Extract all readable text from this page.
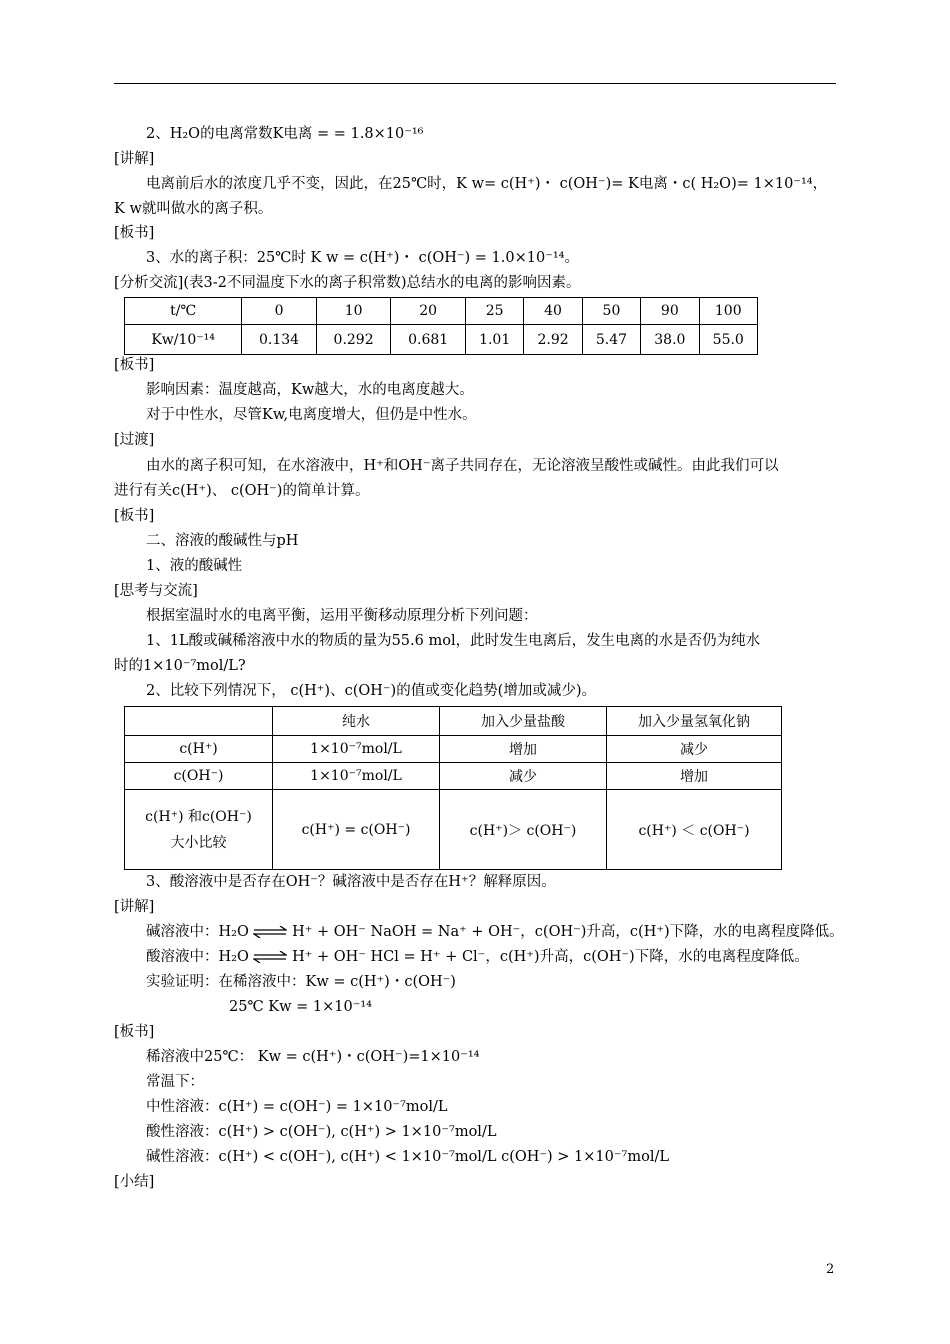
2、H₂O的电离常数K电离 = = 1.8×10⁻¹⁶
[讲解]
电离前后水的浓度几乎不变，因此，在25℃时，K w= c(H⁺)・ c(OH⁻)= K电离・c( H₂O)= 1×10⁻¹⁴，
K w就叫做水的离子积。
[板书]
3、水的离子积：25℃时 K w = c(H⁺)・ c(OH⁻) = 1.0×10⁻¹⁴。
[分析交流](表3-2不同温度下水的离子积常数)总结水的电离的影响因素。
t/℃	0	10	20	25	40	50	90	100
Kw/10⁻¹⁴	0.134	0.292	0.681	1.01	2.92	5.47	38.0	55.0
[板书]
影响因素：温度越高，Kw越大，水的电离度越大。
对于中性水，尽管Kw,电离度增大，但仍是中性水。
[过渡]
由水的离子积可知，在水溶液中，H⁺和OH⁻离子共同存在，无论溶液呈酸性或碱性。由此我们可以
进行有关c(H⁺)、 c(OH⁻)的简单计算。
[板书]
二、溶液的酸碱性与pH
1、液的酸碱性
[思考与交流]
根据室温时水的电离平衡，运用平衡移动原理分析下列问题：
1、1L酸或碱稀溶液中水的物质的量为55.6 mol，此时发生电离后，发生电离的水是否仍为纯水
时的1×10⁻⁷mol/L?
2、比较下列情况下， c(H⁺)、c(OH⁻)的值或变化趋势(增加或减少)。
	纯水	加入少量盐酸	加入少量氢氧化钠
c(H⁺)	1×10⁻⁷mol/L	增加	减少
c(OH⁻)	1×10⁻⁷mol/L	减少	增加

c(H⁺) 和c(OH⁻)
大小比较	c(H⁺) = c(OH⁻)	c(H⁺)＞ c(OH⁻)	c(H⁺) ＜ c(OH⁻)
3、酸溶液中是否存在OH⁻？碱溶液中是否存在H⁺？解释原因。
[讲解]
碱溶液中：H₂O ⇌ H⁺ + OH⁻ NaOH = Na⁺ + OH⁻，c(OH⁻)升高，c(H⁺)下降，水的电离程度降低。
酸溶液中：H₂O ⇌ H⁺ + OH⁻ HCl = H⁺ + Cl⁻，c(H⁺)升高，c(OH⁻)下降，水的电离程度降低。
实验证明：在稀溶液中：Kw = c(H⁺)・c(OH⁻)
25℃ Kw = 1×10⁻¹⁴
[板书]
稀溶液中25℃： Kw = c(H⁺)・c(OH⁻)=1×10⁻¹⁴
常温下：
中性溶液：c(H⁺) = c(OH⁻) = 1×10⁻⁷mol/L
酸性溶液：c(H⁺) > c(OH⁻), c(H⁺) > 1×10⁻⁷mol/L
碱性溶液：c(H⁺) < c(OH⁻), c(H⁺) < 1×10⁻⁷mol/L c(OH⁻) > 1×10⁻⁷mol/L
[小结]
2
